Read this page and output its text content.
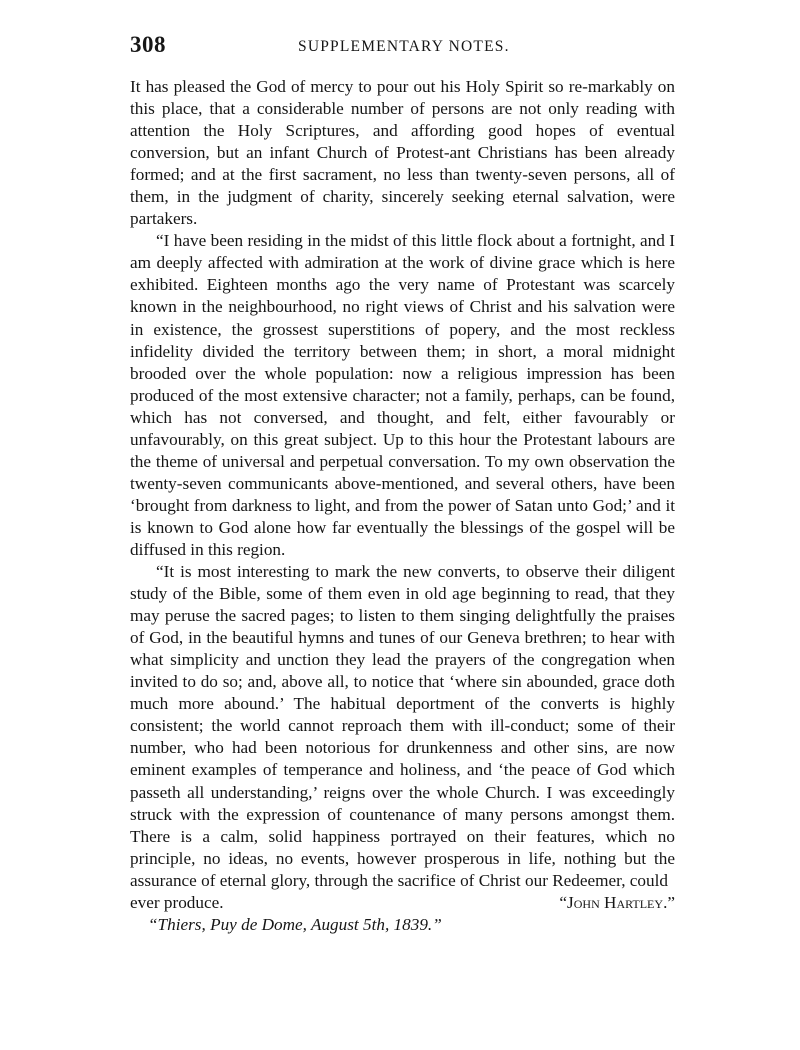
308	SUPPLEMENTARY NOTES.

It has pleased the God of mercy to pour out his Holy Spirit so re-markably on this place, that a considerable number of persons are not only reading with attention the Holy Scriptures, and affording good hopes of eventual conversion, but an infant Church of Protest-ant Christians has been already formed; and at the first sacrament, no less than twenty-seven persons, all of them, in the judgment of charity, sincerely seeking eternal salvation, were partakers.

“I have been residing in the midst of this little flock about a fortnight, and I am deeply affected with admiration at the work of divine grace which is here exhibited. Eighteen months ago the very name of Protestant was scarcely known in the neighbourhood, no right views of Christ and his salvation were in existence, the grossest superstitions of popery, and the most reckless infidelity divided the territory between them; in short, a moral midnight brooded over the whole population: now a religious impression has been produced of the most extensive character; not a family, perhaps, can be found, which has not conversed, and thought, and felt, either favourably or unfavourably, on this great subject. Up to this hour the Protestant labours are the theme of universal and perpetual conversation. To my own observation the twenty-seven communicants above-mentioned, and several others, have been ‘brought from darkness to light, and from the power of Satan unto God;’ and it is known to God alone how far eventually the blessings of the gospel will be diffused in this region.

“It is most interesting to mark the new converts, to observe their diligent study of the Bible, some of them even in old age beginning to read, that they may peruse the sacred pages; to listen to them singing delightfully the praises of God, in the beautiful hymns and tunes of our Geneva brethren; to hear with what simplicity and unction they lead the prayers of the congregation when invited to do so; and, above all, to notice that ‘where sin abounded, grace doth much more abound.’ The habitual deportment of the converts is highly consistent; the world cannot reproach them with ill-conduct; some of their number, who had been notorious for drunkenness and other sins, are now eminent examples of temperance and holiness, and ‘the peace of God which passeth all understanding,’ reigns over the whole Church. I was exceedingly struck with the expression of countenance of many persons amongst them. There is a calm, solid happiness portrayed on their features, which no principle, no ideas, no events, however prosperous in life, nothing but the assurance of eternal glory, through the sacrifice of Christ our Redeemer, could

ever produce.	“John Hartley.”

“Thiers, Puy de Dome, August 5th, 1839.”
